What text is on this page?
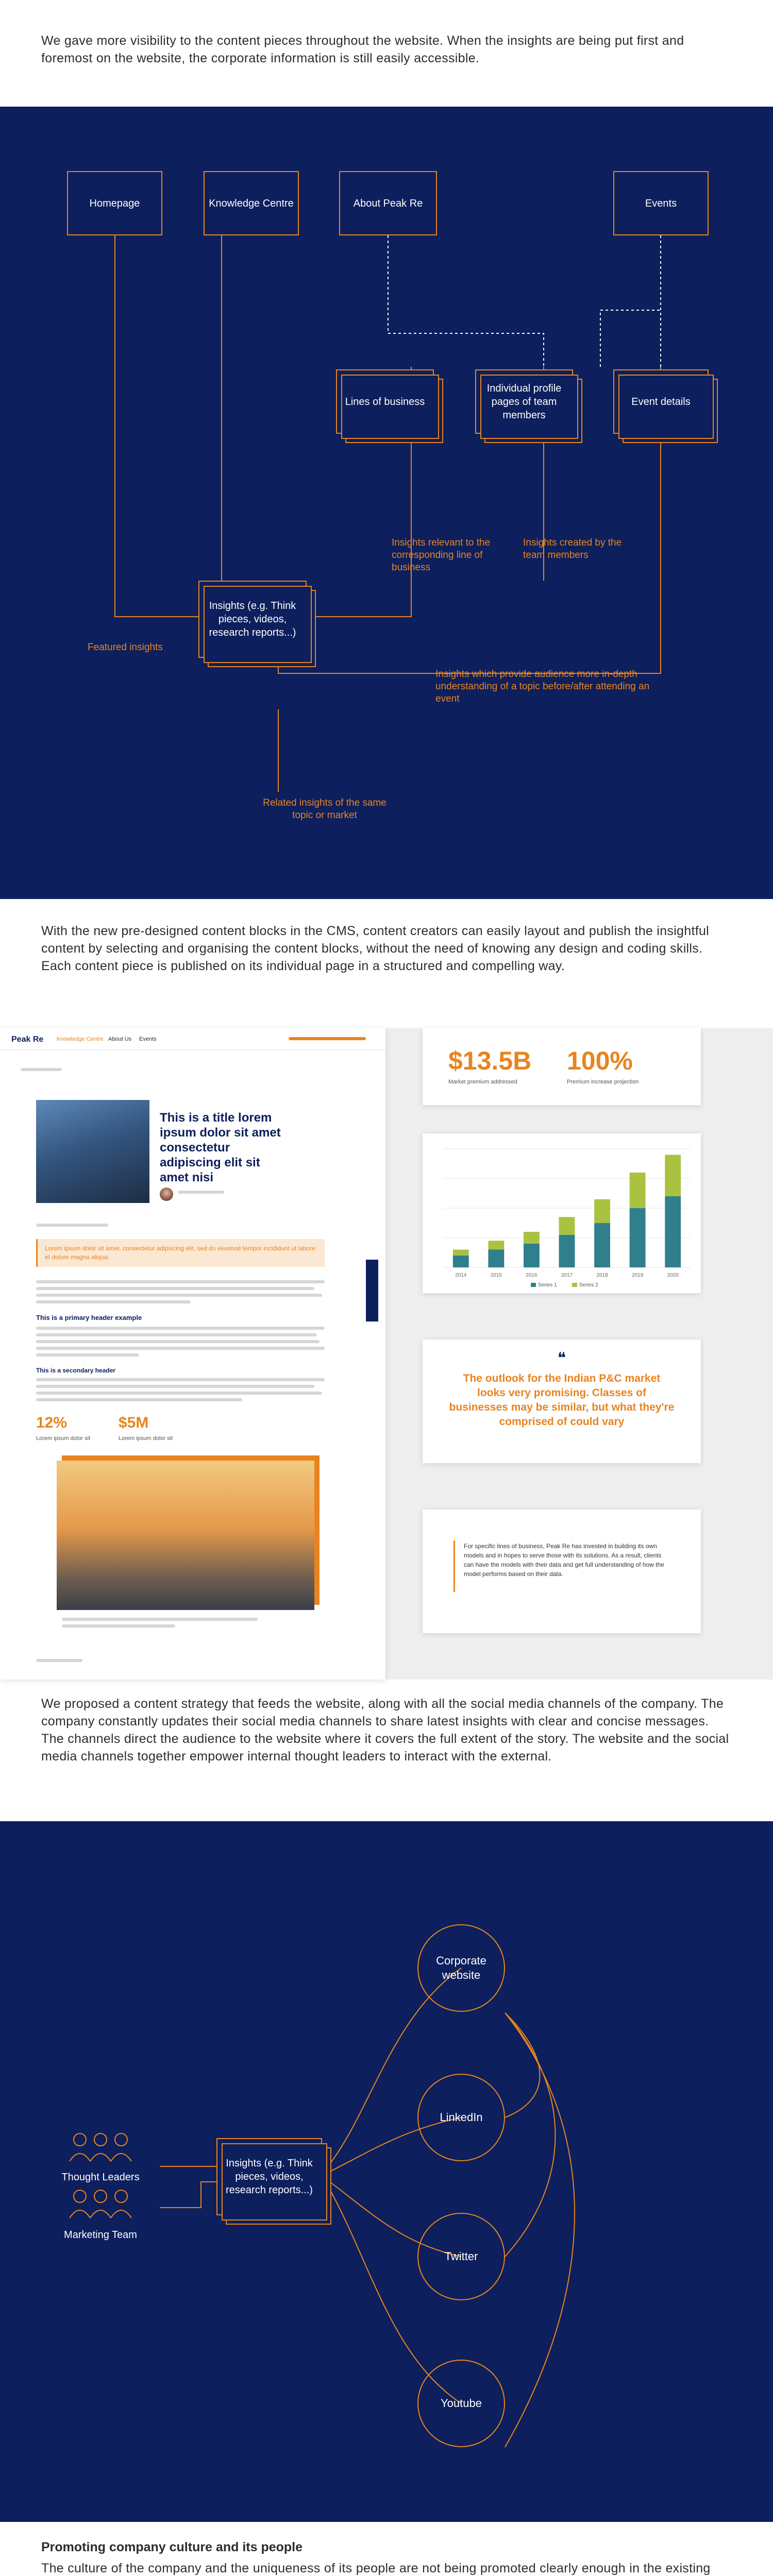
We gave more visibility to the content pieces throughout the website. When the insights are being put first and foremost on the website, the corporate information is still easily accessible.

Homepage	Knowledge Centre	About Peak Re	Events
Lines of business
Individual profile pages of team members
Event details
Insights (e.g. Think pieces, videos, research reports...)
Featured insights
Insights relevant to the corresponding line of business
Insights created by the team members
Insights which provide audience more in-depth understanding of a topic before/after attending an event
Related insights of the same topic or market

With the new pre-designed content blocks in the CMS, content creators can easily layout and publish the insightful content by selecting and organising the content blocks, without the need of knowing any design and coding skills. Each content piece is published on its individual page in a structured and compelling way.

Peak Re Knowledge Centre About Us Events
This is a title lorem ipsum dolor sit amet consectetur adipiscing elit sit amet nisi
Lorem ipsum dolor sit amet, consectetur adipiscing elit, sed do eiusmod tempor incididunt ut labore et dolore magna aliqua.
This is a primary header example
This is a secondary header
12%
Lorem ipsum dolor sit
$5M
Lorem ipsum dolor sit
$13.5B
Market premium addressed
100%
Premium increase projection
2014	2015	2016	2017	2018	2019	2020
Series 1	Series 2
❝
The outlook for the Indian P&C market looks very promising. Classes of businesses may be similar, but what they're comprised of could vary
For specific lines of business, Peak Re has invested in building its own models and in hopes to serve those with its solutions. As a result, clients can have the models with their data and get full understanding of how the model performs based on their data.

We proposed a content strategy that feeds the website, along with all the social media channels of the company. The company constantly updates their social media channels to share latest insights with clear and concise messages. The channels direct the audience to the website where it covers the full extent of the story. The website and the social media channels together empower internal thought leaders to interact with the external.

Thought Leaders
Marketing Team
Insights (e.g. Think pieces, videos, research reports...)
Corporate website
LinkedIn
Twitter
Youtube
Promoting company culture and its people

The culture of the company and the uniqueness of its people are not being promoted clearly enough in the existing
